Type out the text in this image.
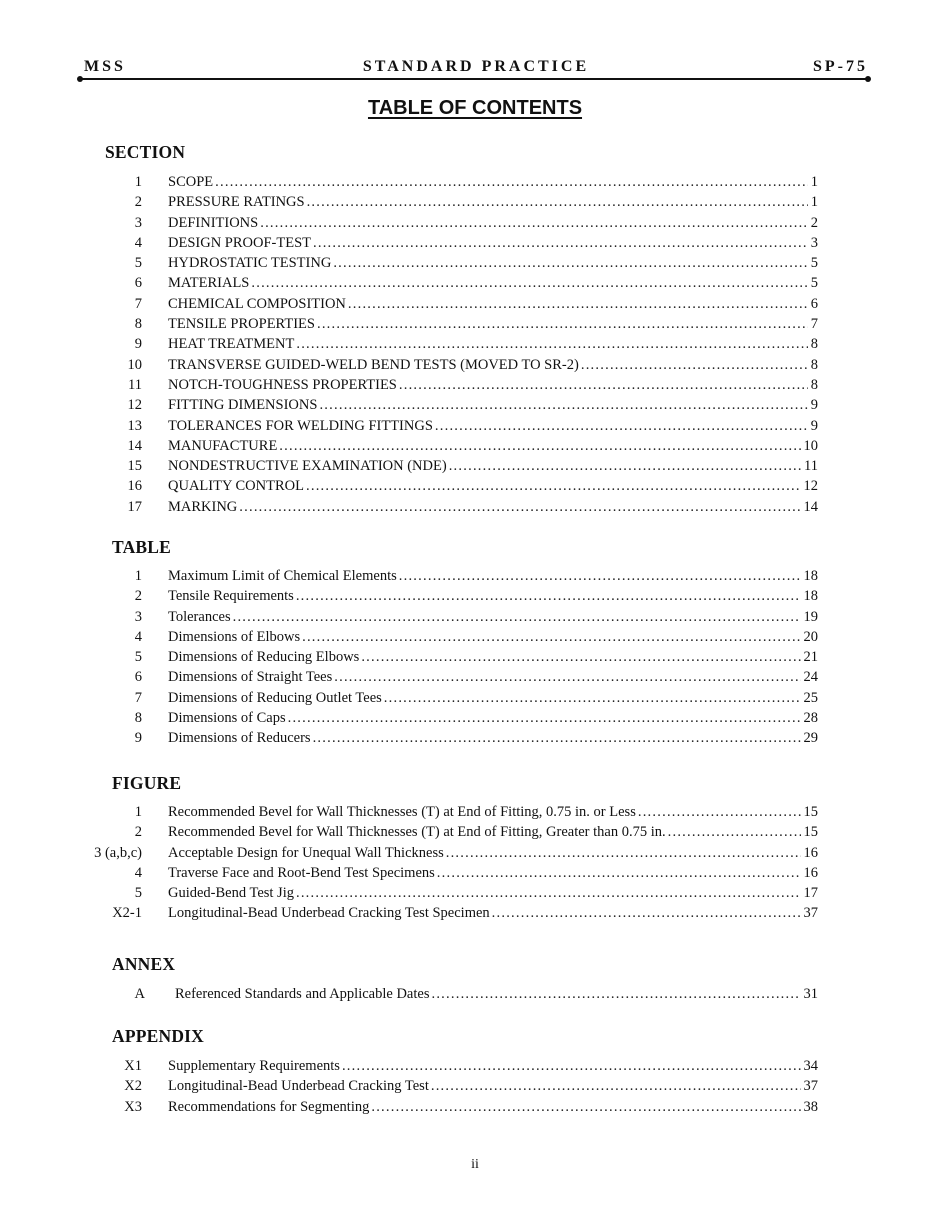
MSS	STANDARD PRACTICE	SP-75
TABLE OF CONTENTS
SECTION
1 SCOPE . . .	1
2 PRESSURE RATINGS . . .	1
3 DEFINITIONS . . .	2
4 DESIGN PROOF-TEST . . .	3
5 HYDROSTATIC TESTING . . .	5
6 MATERIALS . . .	5
7 CHEMICAL COMPOSITION . . .	6
8 TENSILE PROPERTIES . . .	7
9 HEAT TREATMENT . . .	8
10 TRANSVERSE GUIDED-WELD BEND TESTS (MOVED TO SR-2) . . .	8
11 NOTCH-TOUGHNESS PROPERTIES . . .	8
12 FITTING DIMENSIONS . . .	9
13 TOLERANCES FOR WELDING FITTINGS . . .	9
14 MANUFACTURE . . .	10
15 NONDESTRUCTIVE EXAMINATION (NDE) . . .	11
16 QUALITY CONTROL . . .	12
17 MARKING . . .	14
TABLE
1 Maximum Limit of Chemical Elements . . .	18
2 Tensile Requirements . . .	18
3 Tolerances . . .	19
4 Dimensions of Elbows . . .	20
5 Dimensions of Reducing Elbows . . .	21
6 Dimensions of Straight Tees . . .	24
7 Dimensions of Reducing Outlet Tees . . .	25
8 Dimensions of Caps . . .	28
9 Dimensions of Reducers . . .	29
FIGURE
1 Recommended Bevel for Wall Thicknesses (T) at End of Fitting, 0.75 in. or Less . . .	15
2 Recommended Bevel for Wall Thicknesses (T) at End of Fitting, Greater than 0.75 in. . . .	15
3 (a,b,c) Acceptable Design for Unequal Wall Thickness . . .	16
4 Traverse Face and Root-Bend Test Specimens . . .	16
5 Guided-Bend Test Jig . . .	17
X2-1 Longitudinal-Bead Underbead Cracking Test Specimen . . .	37
ANNEX
A Referenced Standards and Applicable Dates . . .	31
APPENDIX
X1 Supplementary Requirements . . .	34
X2 Longitudinal-Bead Underbead Cracking Test . . .	37
X3 Recommendations for Segmenting . . .	38
ii
